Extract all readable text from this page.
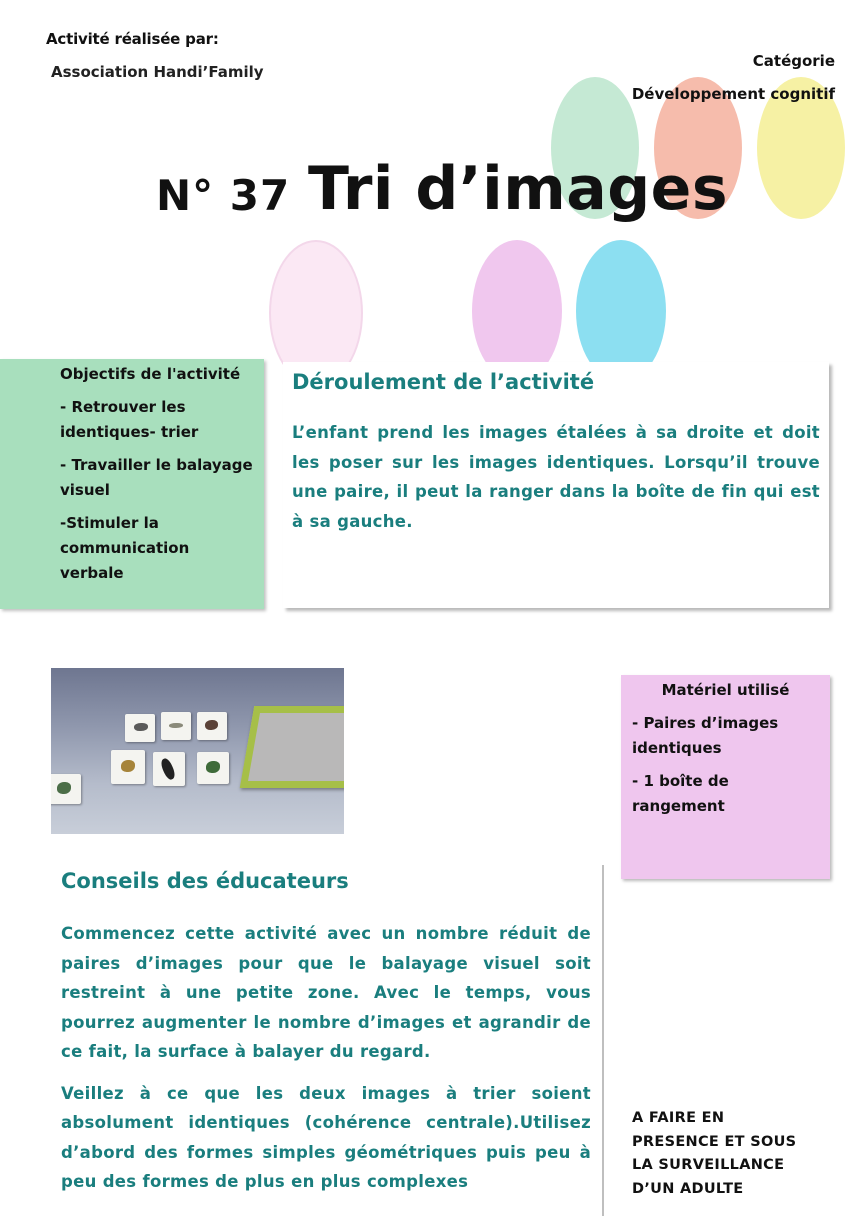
Activité réalisée par:
Association Handi’Family
Catégorie
Développement cognitif
N° 37 Tri d’images
Objectifs de l'activité
- Retrouver les identiques- trier
- Travailler le balayage visuel
-Stimuler la communication verbale
Déroulement de l’activité
L’enfant prend les images étalées à sa droite et doit les poser sur les images identiques. Lorsqu’il trouve une paire, il peut la ranger dans la boîte de fin qui est à sa gauche.
Matériel utilisé
- Paires d’images identiques
- 1 boîte de rangement
Conseils des éducateurs

Commencez cette activité avec un nombre réduit de paires d’images pour que le balayage visuel soit restreint à une petite zone. Avec le temps, vous pourrez augmenter le nombre d’images et agrandir de ce fait, la surface à balayer du regard.

Veillez à ce que les deux images à trier soient absolument identiques (cohérence centrale).Utilisez d’abord des formes simples géométriques puis peu à peu des formes de plus en plus complexes

A FAIRE EN
PRESENCE ET SOUS
LA SURVEILLANCE
D’UN ADULTE
